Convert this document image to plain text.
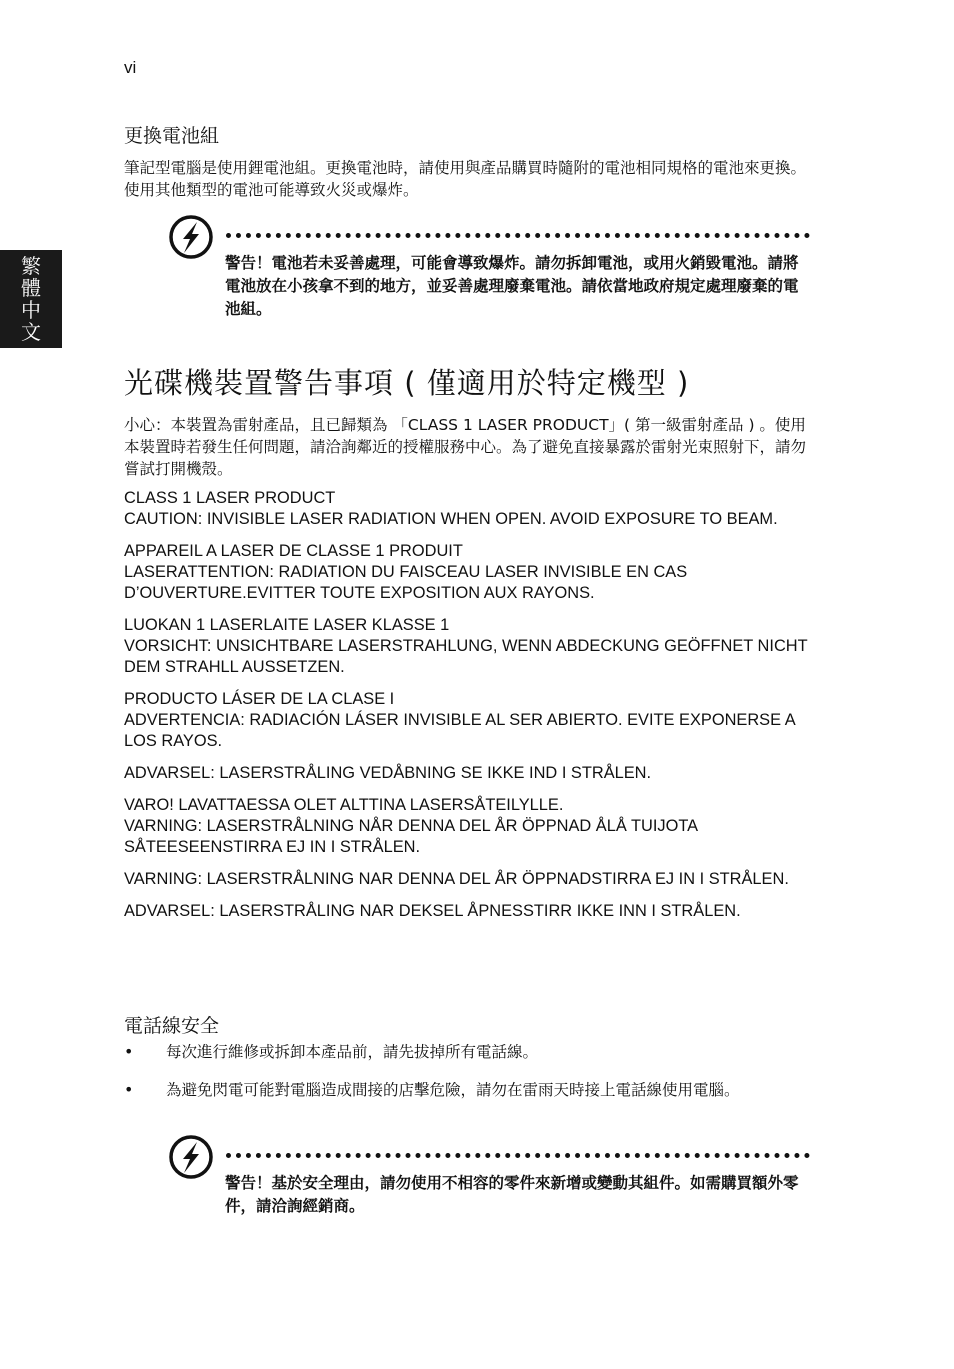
vi
繁體中文
更換電池組

筆記型電腦是使用鋰電池組。更換電池時，請使用與產品購買時隨附的電池相同規格的電池來更換。使用其他類型的電池可能導致火災或爆炸。

警告！電池若未妥善處理，可能會導致爆炸。請勿拆卸電池，或用火銷毀電池。請將電池放在小孩拿不到的地方，並妥善處理廢棄電池。請依當地政府規定處理廢棄的電池組。

光碟機裝置警告事項 ( 僅適用於特定機型 )

小心：本裝置為雷射產品，且已歸類為 「CLASS 1 LASER PRODUCT」( 第一級雷射產品 ) 。使用本裝置時若發生任何問題，請洽詢鄰近的授權服務中心。為了避免直接暴露於雷射光束照射下，請勿嘗試打開機殼。

CLASS 1 LASER PRODUCT
CAUTION: INVISIBLE LASER RADIATION WHEN OPEN. AVOID EXPOSURE TO BEAM.

APPAREIL A LASER DE CLASSE 1 PRODUIT
LASERATTENTION: RADIATION DU FAISCEAU LASER INVISIBLE EN CAS D’OUVERTURE.EVITTER TOUTE EXPOSITION AUX RAYONS.

LUOKAN 1 LASERLAITE LASER KLASSE 1
VORSICHT: UNSICHTBARE LASERSTRAHLUNG, WENN ABDECKUNG GEÖFFNET NICHT DEM STRAHLL AUSSETZEN.

PRODUCTO LÁSER DE LA CLASE I
ADVERTENCIA: RADIACIÓN LÁSER INVISIBLE AL SER ABIERTO. EVITE EXPONERSE A LOS RAYOS.

ADVARSEL: LASERSTRÅLING VEDÅBNING SE IKKE IND I STRÅLEN.

VARO! LAVATTAESSA OLET ALTTINA LASERSÅTEILYLLE.
VARNING: LASERSTRÅLNING NÅR DENNA DEL ÅR ÖPPNAD ÅLÅ TUIJOTA SÅTEESEENSTIRRA EJ IN I STRÅLEN.

VARNING: LASERSTRÅLNING NAR DENNA DEL ÅR ÖPPNADSTIRRA EJ IN I STRÅLEN.

ADVARSEL: LASERSTRÅLING NAR DEKSEL ÅPNESSTIRR IKKE INN I STRÅLEN.

電話線安全
• 每次進行維修或拆卸本產品前，請先拔掉所有電話線。
• 為避免閃電可能對電腦造成間接的店擊危險，請勿在雷雨天時接上電話線使用電腦。

警告！基於安全理由，請勿使用不相容的零件來新增或變動其組件。如需購買額外零件，請洽詢經銷商。
